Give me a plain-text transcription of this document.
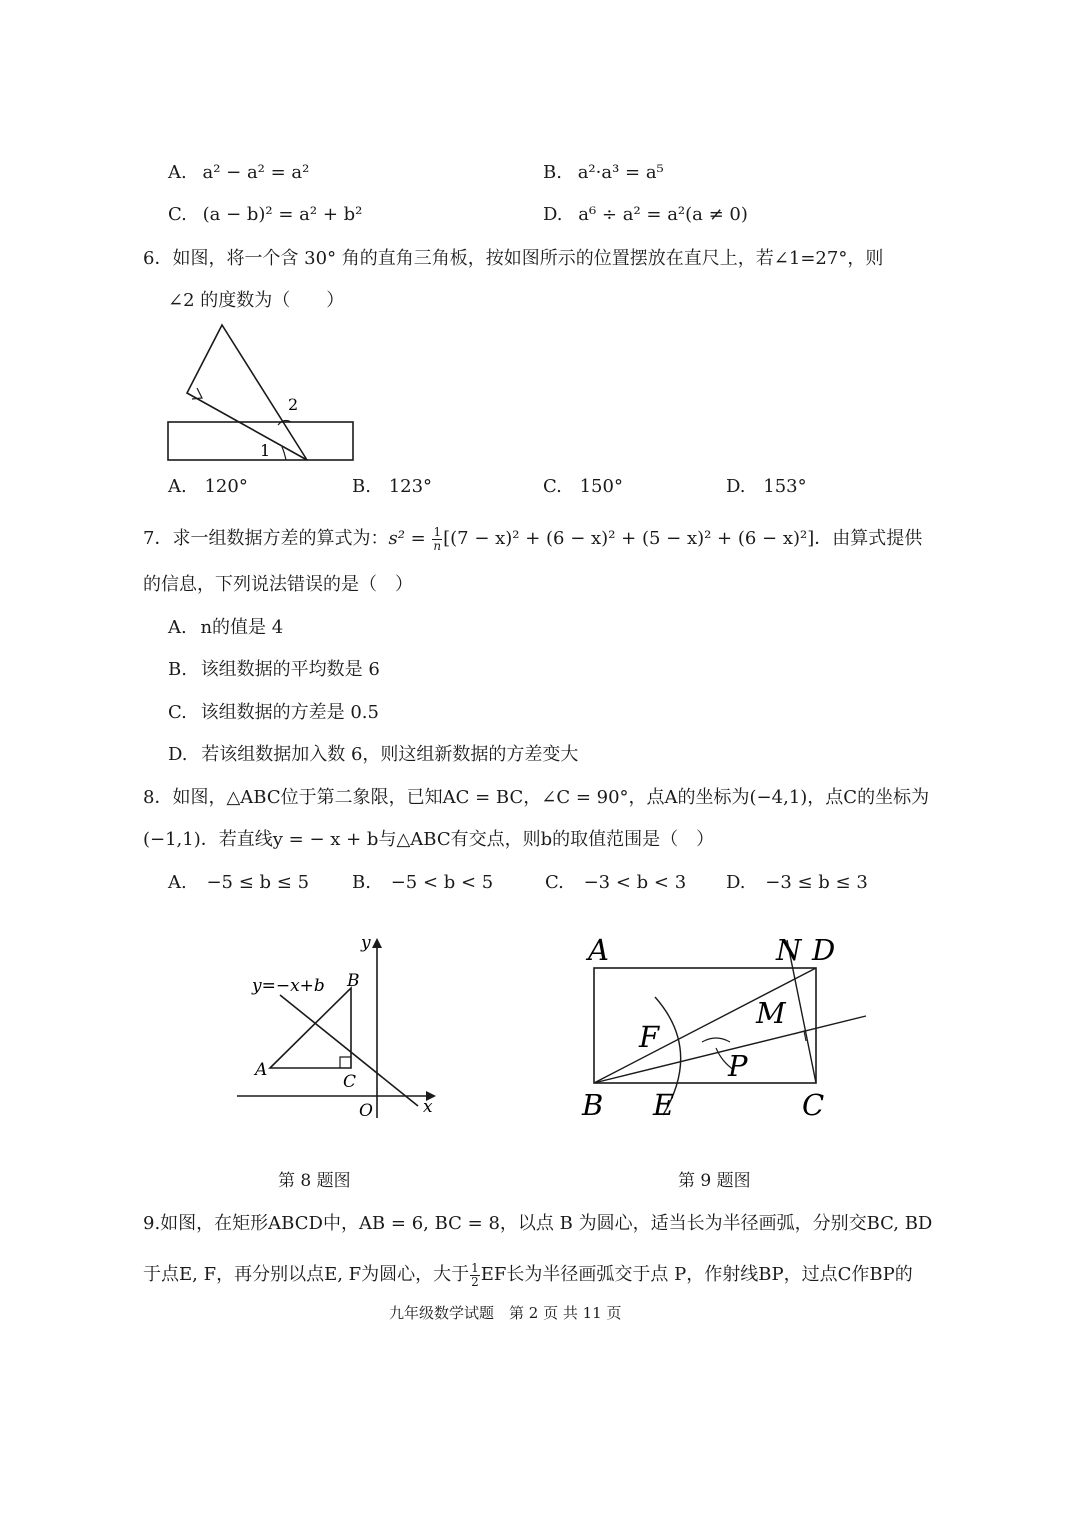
A. a² − a² = a²	B. a²·a³ = a⁵
C. (a − b)² = a² + b²	D. a⁶ ÷ a² = a²(a ≠ 0)
6．如图，将一个含 30° 角的直角三角板，按如图所示的位置摆放在直尺上，若∠1=27°，则
∠2 的度数为（　　）
1
2
A. 120°	B. 123°	C. 150°	D. 153°
7．求一组数据方差的算式为：$s^2 = \frac{1}{n} [(7 - x)^2 + (6 - x)^2 + (5 - x)^2 + (6 - x)^2]$．由算式提供
的信息，下列说法错误的是（　）
A. n的值是 4
B. 该组数据的平均数是 6
C. 该组数据的方差是 0.5
D. 若该组数据加入数 6，则这组新数据的方差变大
8．如图，△ABC位于第二象限，已知AC = BC，∠C = 90°，点A的坐标为(−4,1)，点C的坐标为
(−1,1)．若直线y = − x + b与△ABC有交点，则b的取值范围是（　）
A. −5 ≤ b ≤ 5 B. −5 < b < 5	C. −3 < b < 3 D. −3 ≤ b ≤ 3
y=−x+b
y
x
O
A
B
C
A	N D
M
F
P
B E	C
第 8 题图	第 9 题图
9.如图，在矩形ABCD中，AB = 6, BC = 8，以点 B 为圆心，适当长为半径画弧，分别交BC, BD
于点E, F，再分别以点E, F为圆心，大于 $\frac{1}{2}$ EF长为半径画弧交于点 P，作射线BP，过点C作BP的
九年级数学试题　第 2 页 共 11 页
